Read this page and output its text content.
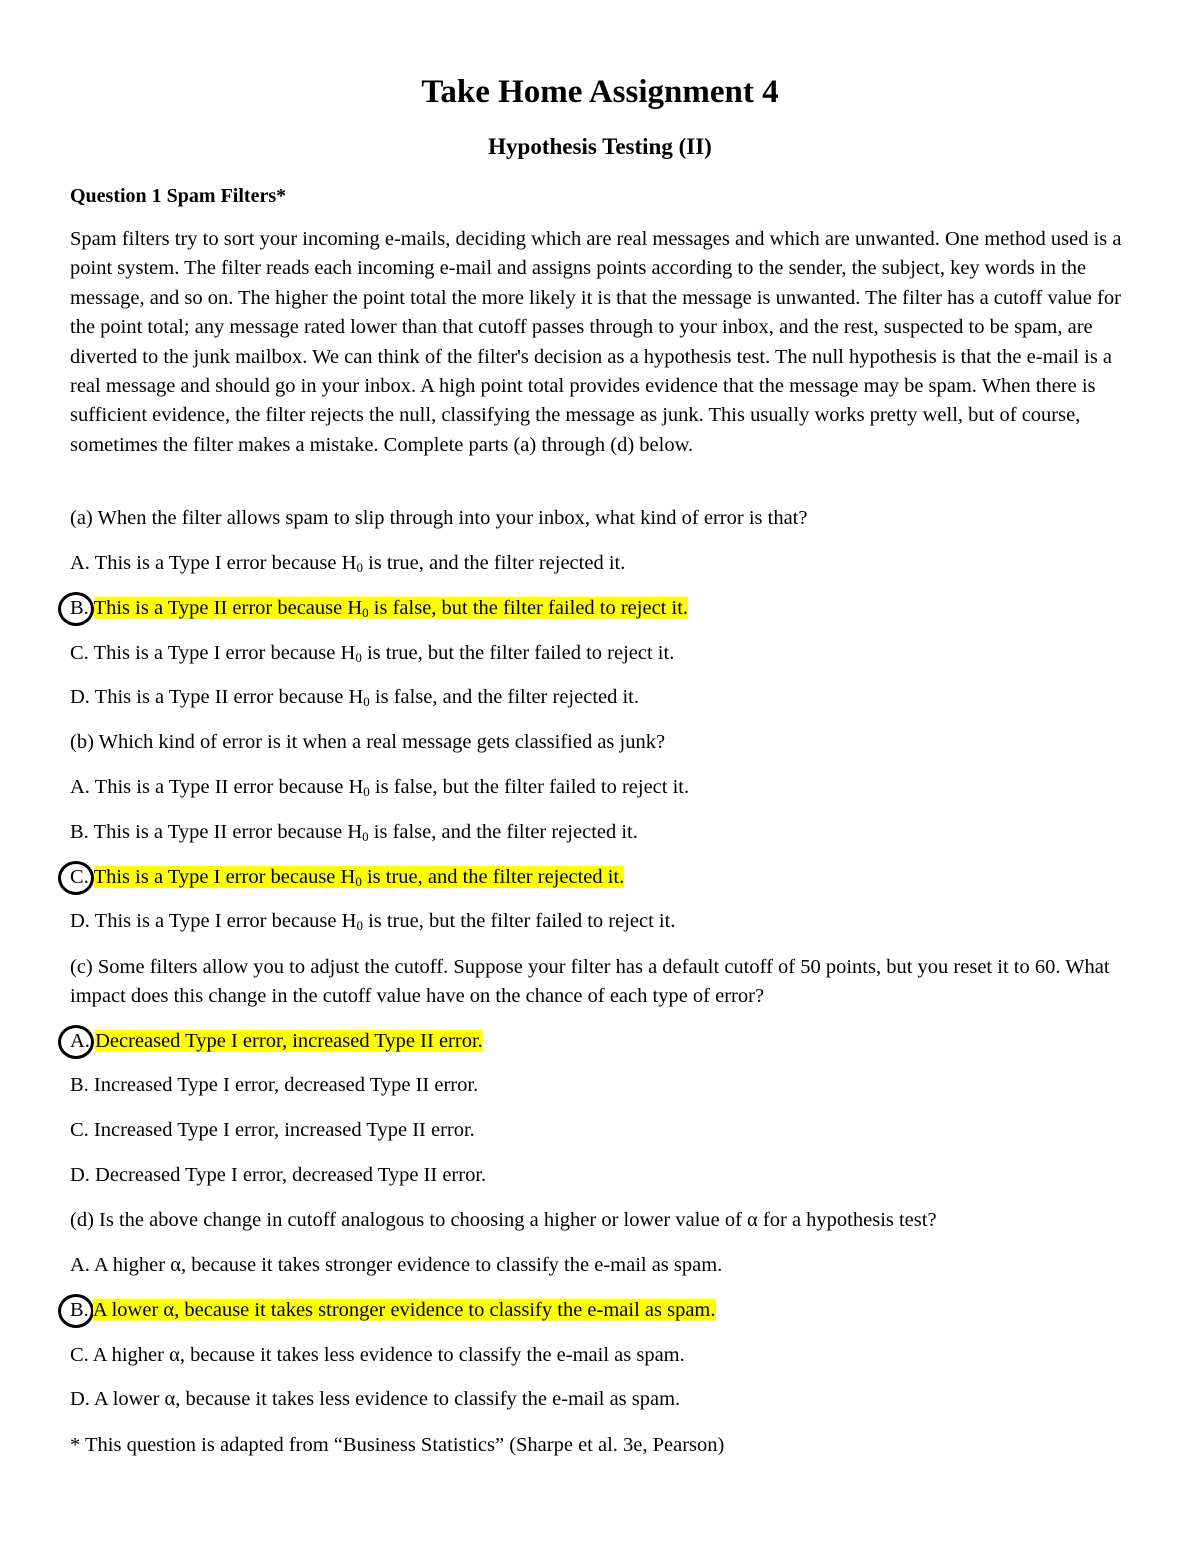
Take Home Assignment 4
Hypothesis Testing (II)
Question 1 Spam Filters*
Spam filters try to sort your incoming e-mails, deciding which are real messages and which are unwanted. One method used is a point system. The filter reads each incoming e-mail and assigns points according to the sender, the subject, key words in the message, and so on. The higher the point total the more likely it is that the message is unwanted. The filter has a cutoff value for the point total; any message rated lower than that cutoff passes through to your inbox, and the rest, suspected to be spam, are diverted to the junk mailbox. We can think of the filter's decision as a hypothesis test. The null hypothesis is that the e-mail is a real message and should go in your inbox. A high point total provides evidence that the message may be spam. When there is sufficient evidence, the filter rejects the null, classifying the message as junk. This usually works pretty well, but of course, sometimes the filter makes a mistake. Complete parts (a) through (d) below.
(a) When the filter allows spam to slip through into your inbox, what kind of error is that?
A. This is a Type I error because $H_0$ is true, and the filter rejected it.
B. This is a Type II error because $H_0$ is false, but the filter failed to reject it.
C. This is a Type I error because $H_0$ is true, but the filter failed to reject it.
D. This is a Type II error because $H_0$ is false, and the filter rejected it.
(b) Which kind of error is it when a real message gets classified as junk?
A. This is a Type II error because $H_0$ is false, but the filter failed to reject it.
B. This is a Type II error because $H_0$ is false, and the filter rejected it.
C. This is a Type I error because $H_0$ is true, and the filter rejected it.
D. This is a Type I error because $H_0$ is true, but the filter failed to reject it.
(c) Some filters allow you to adjust the cutoff. Suppose your filter has a default cutoff of 50 points, but you reset it to 60. What impact does this change in the cutoff value have on the chance of each type of error?
A. Decreased Type I error, increased Type II error.
B. Increased Type I error, decreased Type II error.
C. Increased Type I error, increased Type II error.
D. Decreased Type I error, decreased Type II error.
(d) Is the above change in cutoff analogous to choosing a higher or lower value of α for a hypothesis test?
A. A higher α, because it takes stronger evidence to classify the e-mail as spam.
B. A lower α, because it takes stronger evidence to classify the e-mail as spam.
C. A higher α, because it takes less evidence to classify the e-mail as spam.
D. A lower α, because it takes less evidence to classify the e-mail as spam.
* This question is adapted from “Business Statistics” (Sharpe et al. 3e, Pearson)
